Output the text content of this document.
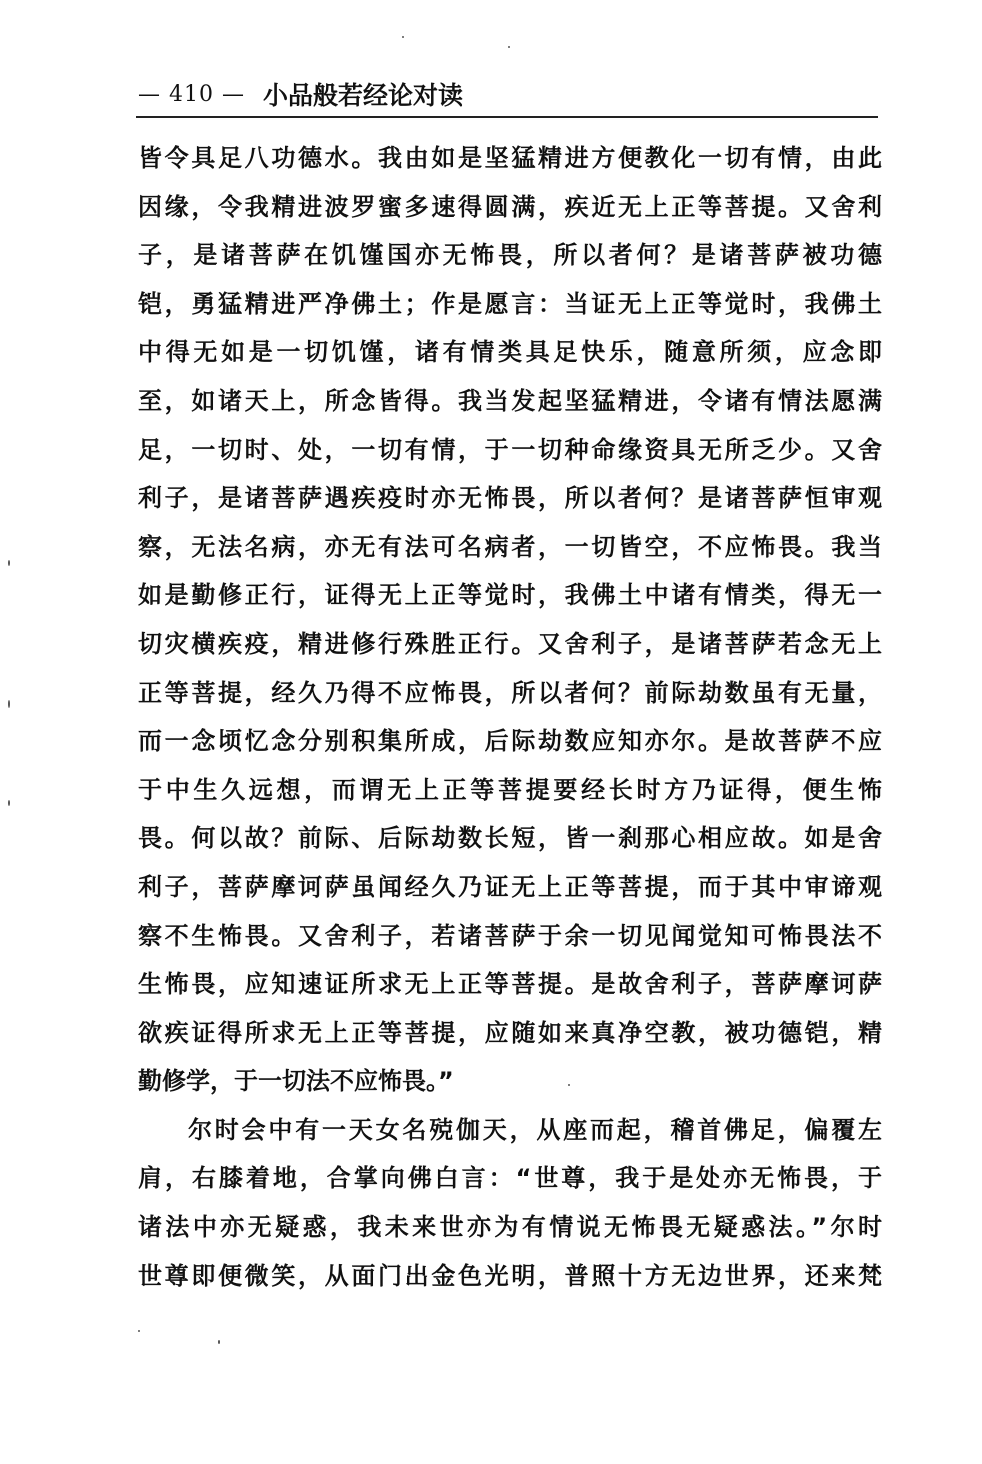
— 410 — 小品般若经论对读
皆令具足八功德水。我由如是坚猛精进方便教化一切有情，由此
因缘，令我精进波罗蜜多速得圆满，疾近无上正等菩提。又舍利
子，是诸菩萨在饥馑国亦无怖畏，所以者何？是诸菩萨被功德
铠，勇猛精进严净佛土；作是愿言：当证无上正等觉时，我佛土
中得无如是一切饥馑，诸有情类具足快乐，随意所须，应念即
至，如诸天上，所念皆得。我当发起坚猛精进，令诸有情法愿满
足，一切时、处，一切有情，于一切种命缘资具无所乏少。又舍
利子，是诸菩萨遇疾疫时亦无怖畏，所以者何？是诸菩萨恒审观
察，无法名病，亦无有法可名病者，一切皆空，不应怖畏。我当
如是勤修正行，证得无上正等觉时，我佛土中诸有情类，得无一
切灾横疾疫，精进修行殊胜正行。又舍利子，是诸菩萨若念无上
正等菩提，经久乃得不应怖畏，所以者何？前际劫数虽有无量，
而一念顷忆念分别积集所成，后际劫数应知亦尔。是故菩萨不应
于中生久远想，而谓无上正等菩提要经长时方乃证得，便生怖
畏。何以故？前际、后际劫数长短，皆一刹那心相应故。如是舍
利子，菩萨摩诃萨虽闻经久乃证无上正等菩提，而于其中审谛观
察不生怖畏。又舍利子，若诸菩萨于余一切见闻觉知可怖畏法不
生怖畏，应知速证所求无上正等菩提。是故舍利子，菩萨摩诃萨
欲疾证得所求无上正等菩提，应随如来真净空教，被功德铠，精
勤修学，于一切法不应怖畏。”
尔时会中有一天女名殑伽天，从座而起，稽首佛足，偏覆左
肩，右膝着地，合掌向佛白言：“世尊，我于是处亦无怖畏，于
诸法中亦无疑惑，我未来世亦为有情说无怖畏无疑惑法。”尔时
世尊即便微笑，从面门出金色光明，普照十方无边世界，还来梵
